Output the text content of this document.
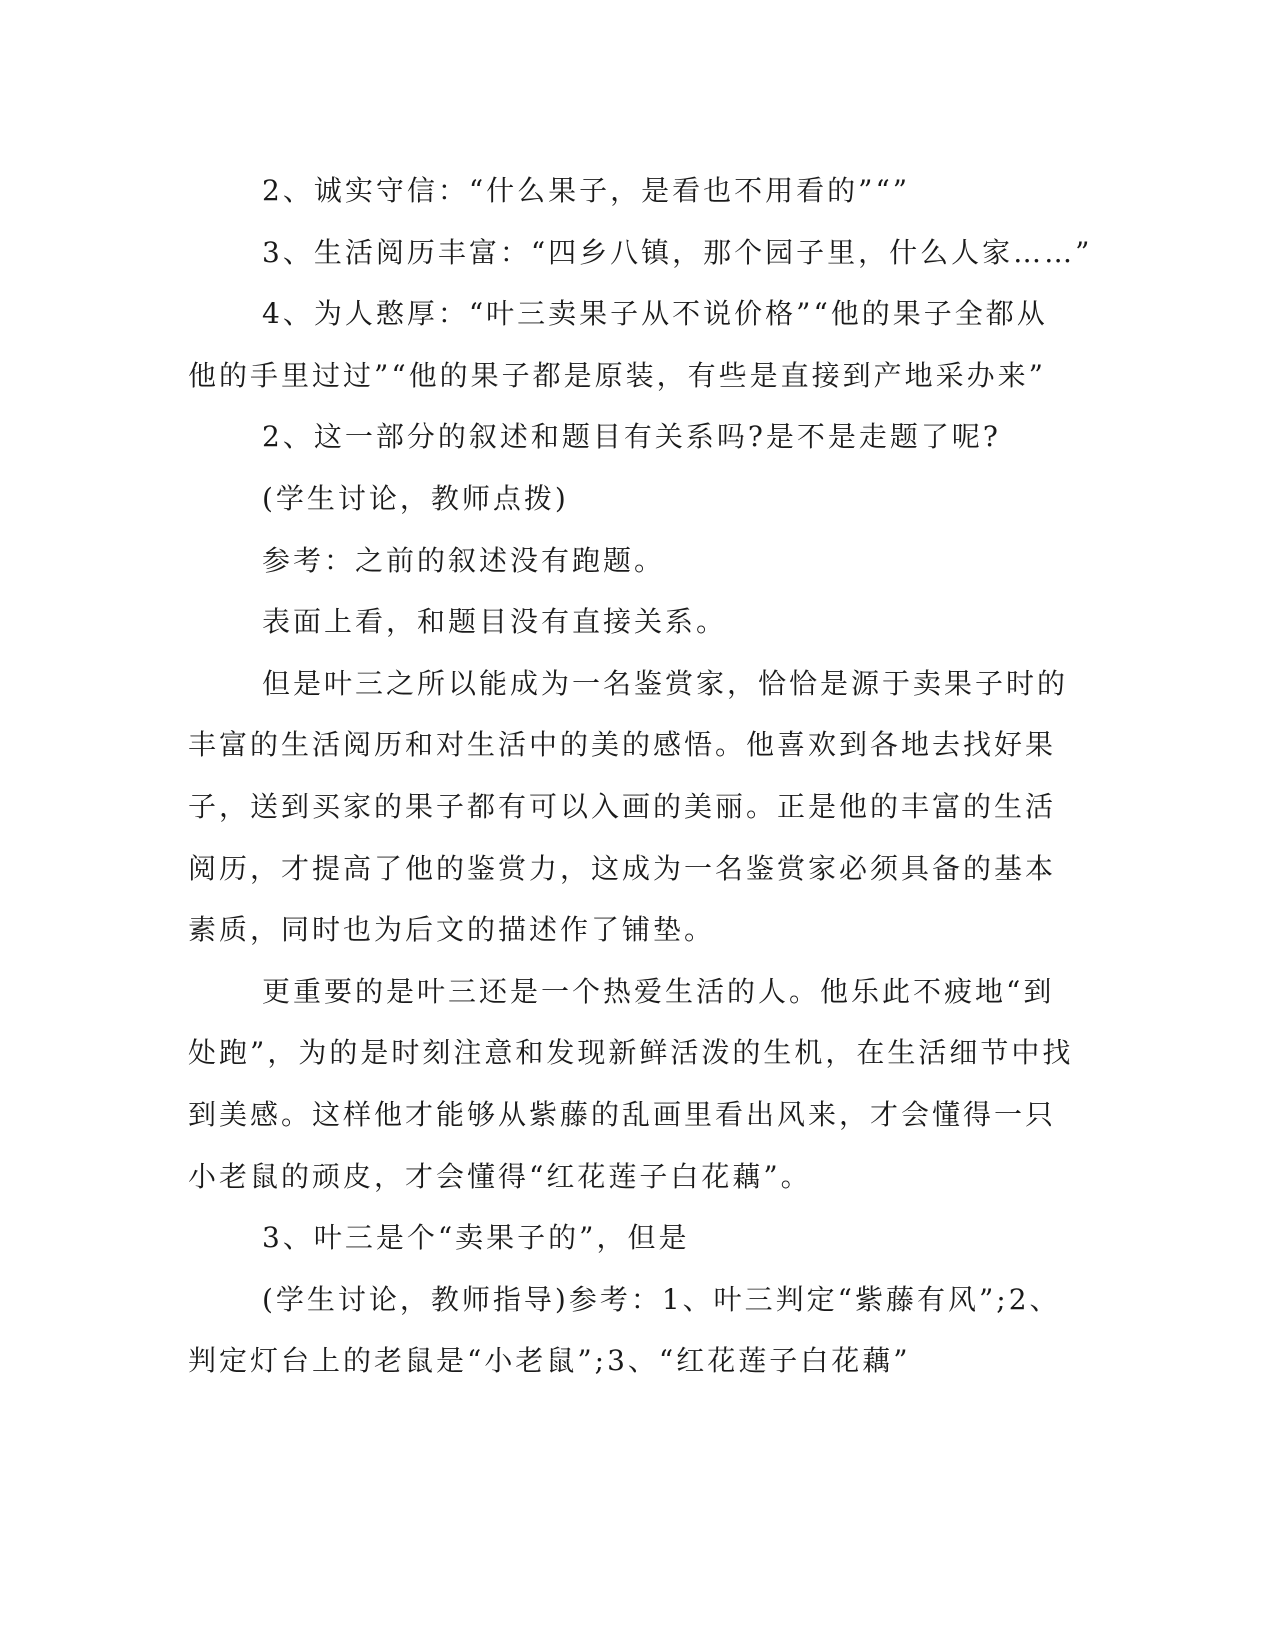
2、诚实守信：“什么果子，是看也不用看的”“”

3、生活阅历丰富：“四乡八镇，那个园子里，什么人家……”

4、为人憨厚：“叶三卖果子从不说价格”“他的果子全都从他的手里过过”“他的果子都是原装，有些是直接到产地采办来”

2、这一部分的叙述和题目有关系吗?是不是走题了呢?

(学生讨论，教师点拨)

参考：之前的叙述没有跑题。

表面上看，和题目没有直接关系。

但是叶三之所以能成为一名鉴赏家，恰恰是源于卖果子时的丰富的生活阅历和对生活中的美的感悟。他喜欢到各地去找好果子，送到买家的果子都有可以入画的美丽。正是他的丰富的生活阅历，才提高了他的鉴赏力，这成为一名鉴赏家必须具备的基本素质，同时也为后文的描述作了铺垫。

更重要的是叶三还是一个热爱生活的人。他乐此不疲地“到处跑”，为的是时刻注意和发现新鲜活泼的生机，在生活细节中找到美感。这样他才能够从紫藤的乱画里看出风来，才会懂得一只小老鼠的顽皮，才会懂得“红花莲子白花藕”。

3、叶三是个“卖果子的”，但是

(学生讨论，教师指导)参考：1、叶三判定“紫藤有风”;2、判定灯台上的老鼠是“小老鼠”;3、“红花莲子白花藕”
